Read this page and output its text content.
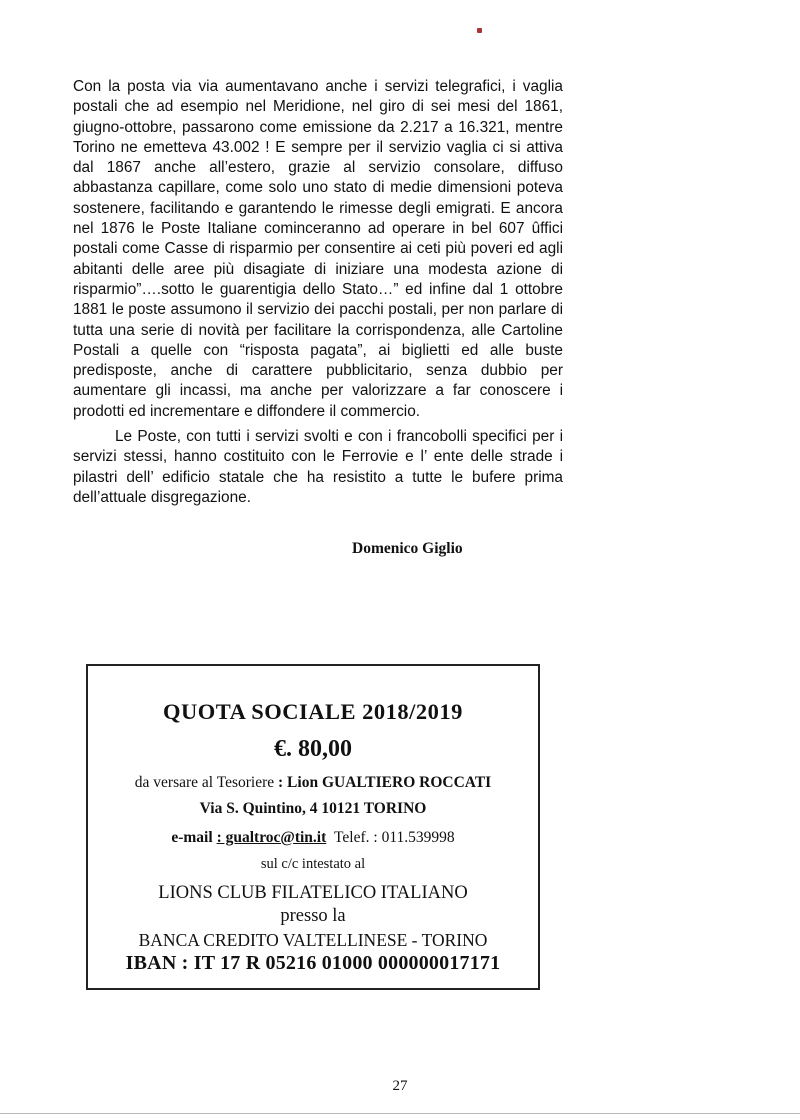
Con la posta via via aumentavano anche i servizi telegrafici, i vaglia postali che ad esempio nel Meridione, nel giro di sei mesi del 1861, giugno-ottobre, passarono come emissione da 2.217 a 16.321, mentre Torino ne emetteva 43.002 ! E sempre per il servizio vaglia ci si attiva dal 1867 anche all’estero, grazie al servizio consolare, diffuso abbastanza capillare, come solo uno stato di medie dimensioni poteva sostenere, facilitando e garantendo le rimesse degli emigrati. E ancora nel 1876 le Poste Italiane cominceranno ad operare in bel 607 ûffici postali come Casse di risparmio per consentire ai ceti più poveri ed agli abitanti delle aree più disagiate di iniziare una modesta azione di risparmio”….sotto le guarentigia dello Stato…” ed infine dal 1 ottobre 1881 le poste assumono il servizio dei pacchi postali, per non parlare di tutta una serie di novità per facilitare la corrispondenza, alle Cartoline Postali a quelle con “risposta pagata”, ai biglietti ed alle buste predisposte, anche di carattere pubblicitario, senza dubbio per aumentare gli incassi, ma anche per valorizzare a far conoscere i prodotti ed incrementare e diffondere il commercio.

Le Poste, con tutti i servizi svolti e con i francobolli specifici per i servizi stessi, hanno costituito con le Ferrovie e l’ ente delle strade i pilastri dell’ edificio statale che ha resistito a tutte le bufere prima dell’attuale disgregazione.

Domenico Giglio
QUOTA SOCIALE 2018/2019
€. 80,00
da versare al Tesoriere : Lion GUALTIERO ROCCATI
Via S. Quintino, 4 10121 TORINO
e-mail : gualtroc@tin.it Telef. : 011.539998
sul c/c intestato al
LIONS CLUB FILATELICO ITALIANO
presso la
BANCA CREDITO VALTELLINESE - TORINO
IBAN : IT 17 R 05216 01000 000000017171
27
